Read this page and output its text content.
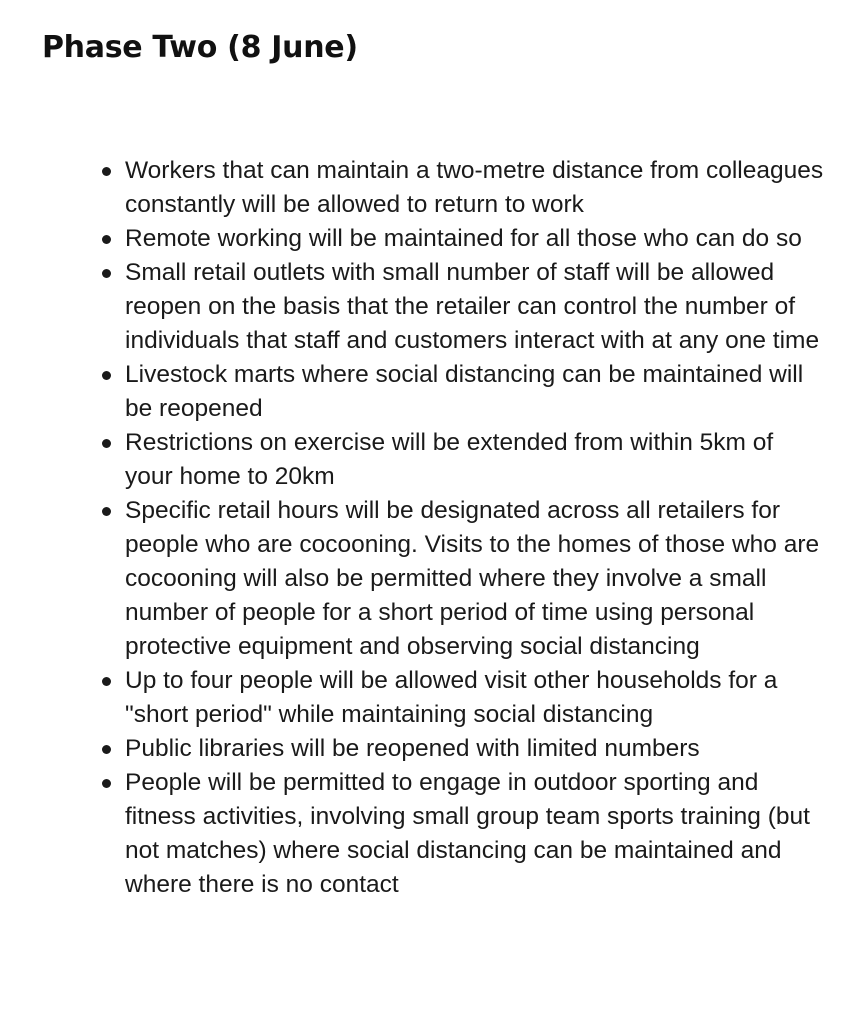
Phase Two (8 June)
Workers that can maintain a two-metre distance from colleagues constantly will be allowed to return to work
Remote working will be maintained for all those who can do so
Small retail outlets with small number of staff will be allowed reopen on the basis that the retailer can control the number of individuals that staff and customers interact with at any one time
Livestock marts where social distancing can be maintained will be reopened
Restrictions on exercise will be extended from within 5km of your home to 20km
Specific retail hours will be designated across all retailers for people who are cocooning. Visits to the homes of those who are cocooning will also be permitted where they involve a small number of people for a short period of time using personal protective equipment and observing social distancing
Up to four people will be allowed visit other households for a "short period" while maintaining social distancing
Public libraries will be reopened with limited numbers
People will be permitted to engage in outdoor sporting and fitness activities, involving small group team sports training (but not matches) where social distancing can be maintained and where there is no contact
